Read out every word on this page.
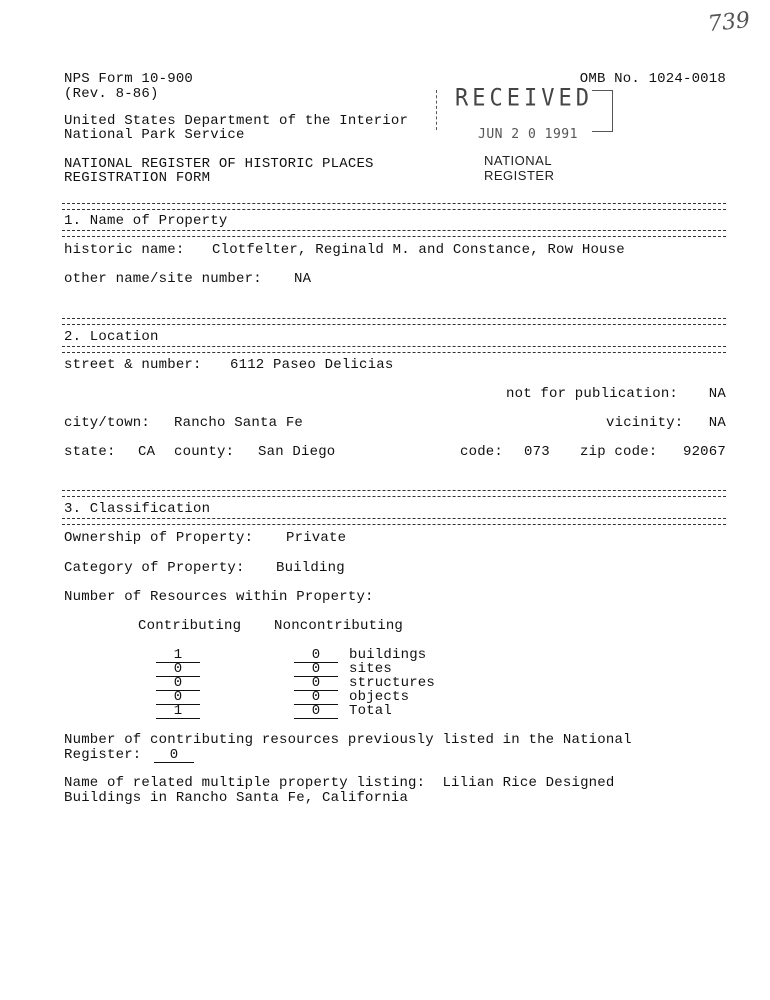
739
NPS Form 10-900
(Rev. 8-86)
OMB No. 1024-0018
United States Department of the Interior
National Park Service
NATIONAL REGISTER OF HISTORIC PLACES
REGISTRATION FORM
RECEIVED
JUN 2 0 1991
NATIONAL
REGISTER
1. Name of Property
historic name: Clotfelter, Reginald M. and Constance, Row House
other name/site number: NA
2. Location
street & number: 6112 Paseo Delicias
not for publication: NA
city/town: Rancho Santa Fe	vicinity: NA
state: CA county: San Diego	code: 073 zip code: 92067
3. Classification
Ownership of Property: Private
Category of Property: Building
Number of Resources within Property:
Contributing Noncontributing
1	0	buildings
0	0	sites
0	0	structures
0	0	objects
1	0	Total
Number of contributing resources previously listed in the National
Register:	0
Name of related multiple property listing:  Lilian Rice Designed
Buildings in Rancho Santa Fe, California
